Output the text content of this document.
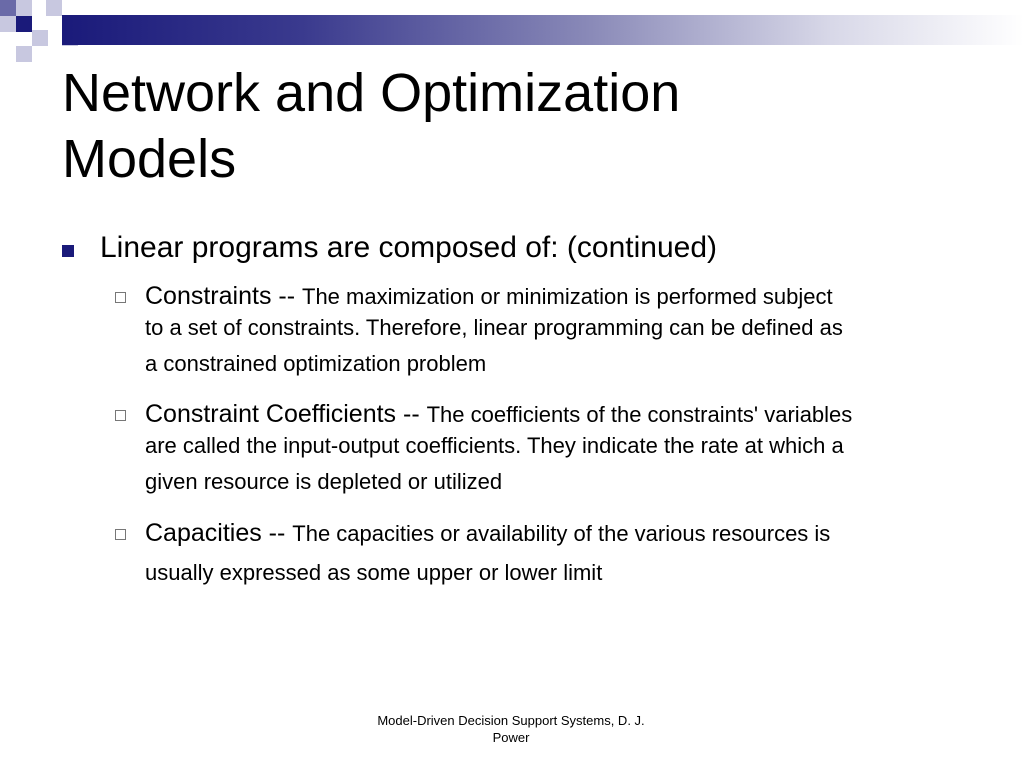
Network and Optimization
Models
Linear programs are composed of: (continued)
Constraints -- The maximization or minimization is performed subject
to a set of constraints. Therefore, linear programming can be defined as
a constrained optimization problem
Constraint Coefficients -- The coefficients of the constraints' variables
are called the input-output coefficients. They indicate the rate at which a
given resource is depleted or utilized
Capacities -- The capacities or availability of the various resources is
usually expressed as some upper or lower limit
Model-Driven Decision Support Systems, D. J.
Power
